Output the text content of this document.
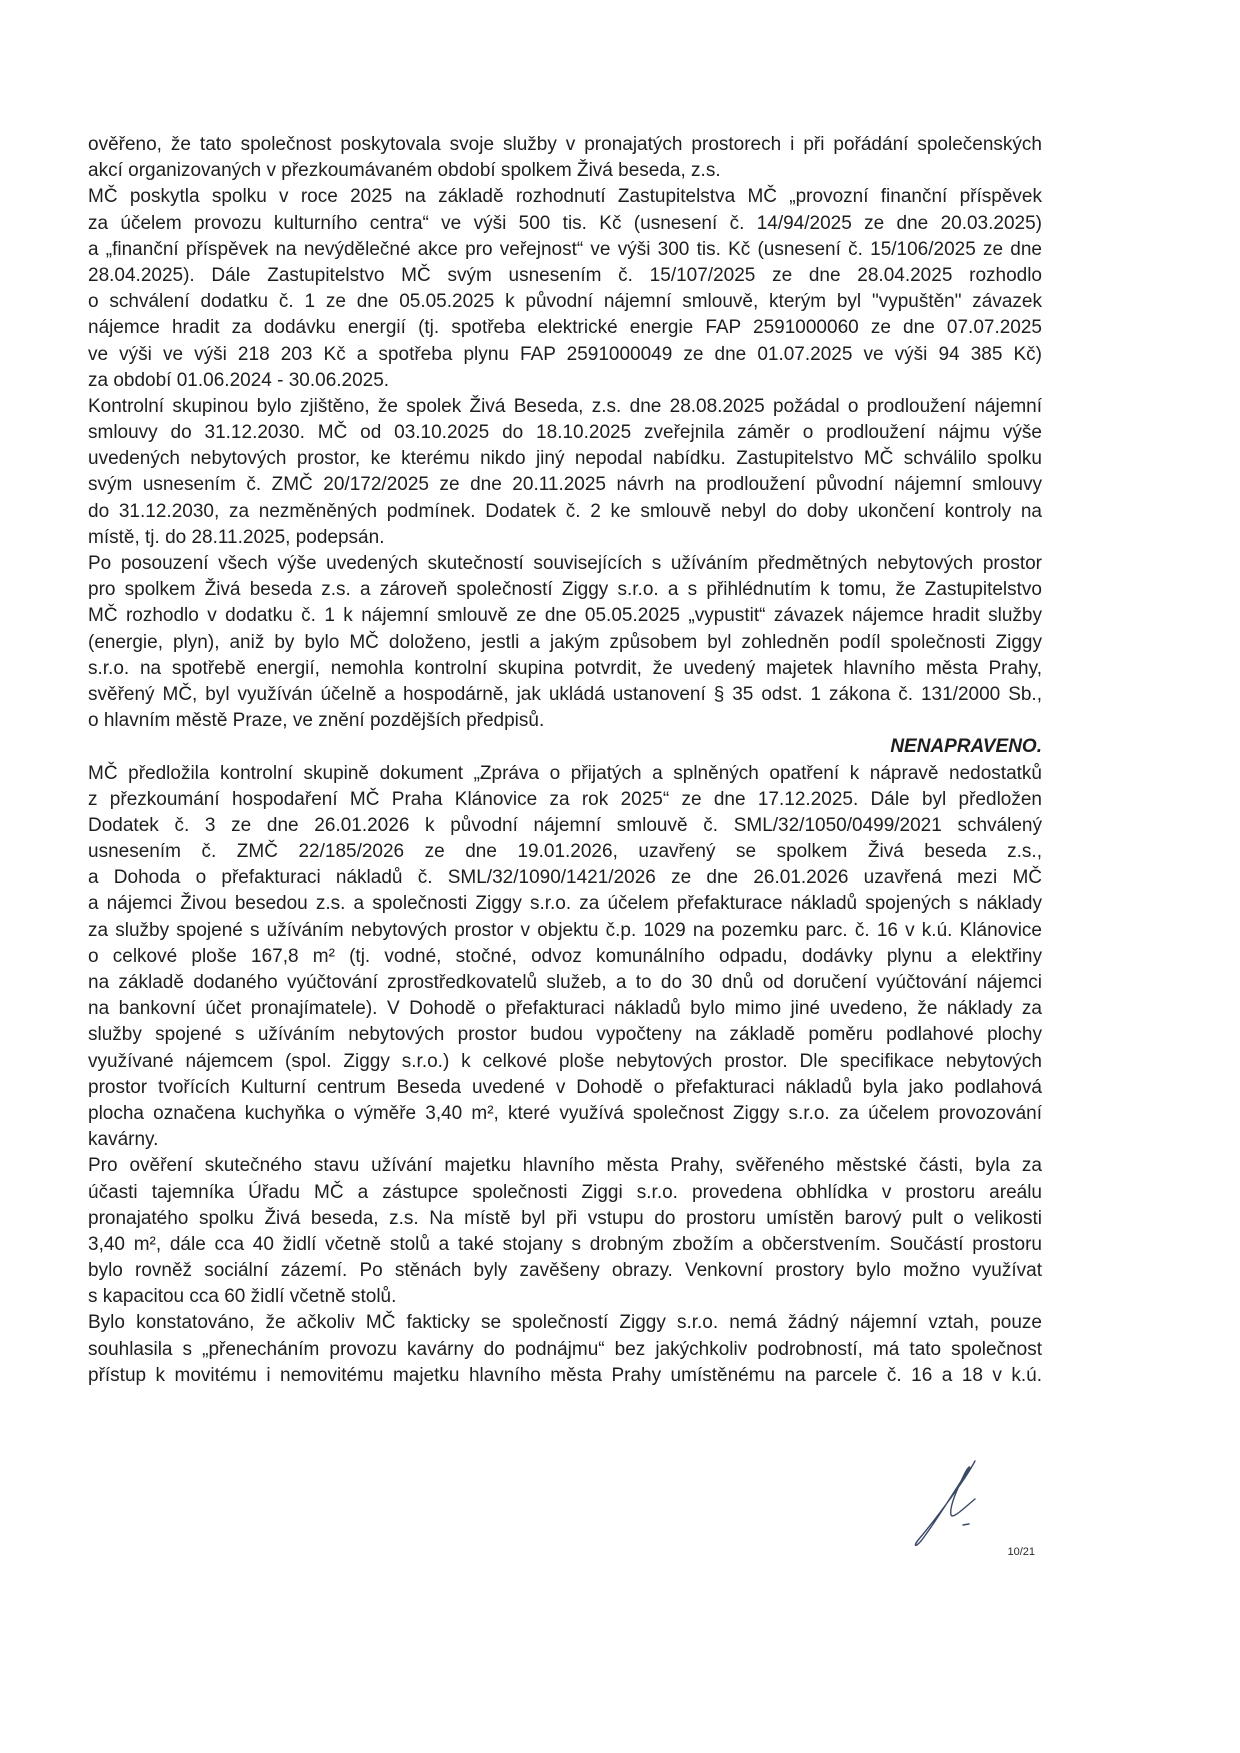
ověřeno, že tato společnost poskytovala svoje služby v pronajatých prostorech i při pořádání společenských
akcí organizovaných v přezkoumávaném období spolkem Živá beseda, z.s.
MČ poskytla spolku v roce 2025 na základě rozhodnutí Zastupitelstva MČ „provozní finanční příspěvek
za účelem provozu kulturního centra“ ve výši 500 tis. Kč (usnesení č. 14/94/2025 ze dne 20.03.2025)
a „finanční příspěvek na nevýdělečné akce pro veřejnost“ ve výši 300 tis. Kč (usnesení č. 15/106/2025 ze dne
28.04.2025). Dále Zastupitelstvo MČ svým usnesením č. 15/107/2025 ze dne 28.04.2025 rozhodlo
o schválení dodatku č. 1 ze dne 05.05.2025 k původní nájemní smlouvě, kterým byl "vypuštěn" závazek
nájemce hradit za dodávku energií (tj. spotřeba elektrické energie FAP 2591000060 ze dne 07.07.2025
ve výši ve výši 218 203 Kč a spotřeba plynu FAP 2591000049 ze dne 01.07.2025 ve výši 94 385 Kč)
za období 01.06.2024 - 30.06.2025.
Kontrolní skupinou bylo zjištěno, že spolek Živá Beseda, z.s. dne 28.08.2025 požádal o prodloužení nájemní
smlouvy do 31.12.2030. MČ od 03.10.2025 do 18.10.2025 zveřejnila záměr o prodloužení nájmu výše
uvedených nebytových prostor, ke kterému nikdo jiný nepodal nabídku. Zastupitelstvo MČ schválilo spolku
svým usnesením č. ZMČ 20/172/2025 ze dne 20.11.2025 návrh na prodloužení původní nájemní smlouvy
do 31.12.2030, za nezměněných podmínek. Dodatek č. 2 ke smlouvě nebyl do doby ukončení kontroly na
místě, tj. do 28.11.2025, podepsán.
Po posouzení všech výše uvedených skutečností souvisejících s užíváním předmětných nebytových prostor
pro spolkem Živá beseda z.s. a zároveň společností Ziggy s.r.o. a s přihlédnutím k tomu, že Zastupitelstvo
MČ rozhodlo v dodatku č. 1 k nájemní smlouvě ze dne 05.05.2025 „vypustit“ závazek nájemce hradit služby
(energie, plyn), aniž by bylo MČ doloženo, jestli a jakým způsobem byl zohledněn podíl společnosti Ziggy
s.r.o. na spotřebě energií, nemohla kontrolní skupina potvrdit, že uvedený majetek hlavního města Prahy,
svěřený MČ, byl využíván účelně a hospodárně, jak ukládá ustanovení § 35 odst. 1 zákona č. 131/2000 Sb.,
o hlavním městě Praze, ve znění pozdějších předpisů.
NENAPRAVENO.
MČ předložila kontrolní skupině dokument „Zpráva o přijatých a splněných opatření k nápravě nedostatků
z přezkoumání hospodaření MČ Praha Klánovice za rok 2025“ ze dne 17.12.2025. Dále byl předložen
Dodatek č. 3 ze dne 26.01.2026 k původní nájemní smlouvě č. SML/32/1050/0499/2021 schválený
usnesením č. ZMČ 22/185/2026 ze dne 19.01.2026, uzavřený se spolkem Živá beseda z.s.,
a Dohoda o přefakturaci nákladů č. SML/32/1090/1421/2026 ze dne 26.01.2026 uzavřená mezi MČ
a nájemci Živou besedou z.s. a společnosti Ziggy s.r.o. za účelem přefakturace nákladů spojených s náklady
za služby spojené s užíváním nebytových prostor v objektu č.p. 1029 na pozemku parc. č. 16 v k.ú. Klánovice
o celkové ploše 167,8 m² (tj. vodné, stočné, odvoz komunálního odpadu, dodávky plynu a elektřiny
na základě dodaného vyúčtování zprostředkovatelů služeb, a to do 30 dnů od doručení vyúčtování nájemci
na bankovní účet pronajímatele). V Dohodě o přefakturaci nákladů bylo mimo jiné uvedeno, že náklady za
služby spojené s užíváním nebytových prostor budou vypočteny na základě poměru podlahové plochy
využívané nájemcem (spol. Ziggy s.r.o.) k celkové ploše nebytových prostor. Dle specifikace nebytových
prostor tvořících Kulturní centrum Beseda uvedené v Dohodě o přefakturaci nákladů byla jako podlahová
plocha označena kuchyňka o výměře 3,40 m², které využívá společnost Ziggy s.r.o. za účelem provozování
kavárny.
Pro ověření skutečného stavu užívání majetku hlavního města Prahy, svěřeného městské části, byla za
účasti tajemníka Úřadu MČ a zástupce společnosti Ziggi s.r.o. provedena obhlídka v prostoru areálu
pronajatého spolku Živá beseda, z.s. Na místě byl při vstupu do prostoru umístěn barový pult o velikosti
3,40 m², dále cca 40 židlí včetně stolů a také stojany s drobným zbožím a občerstvením. Součástí prostoru
bylo rovněž sociální zázemí. Po stěnách byly zavěšeny obrazy. Venkovní prostory bylo možno využívat
s kapacitou cca 60 židlí včetně stolů.
Bylo konstatováno, že ačkoliv MČ fakticky se společností Ziggy s.r.o. nemá žádný nájemní vztah, pouze
souhlasila s „přenecháním provozu kavárny do podnájmu“ bez jakýchkoliv podrobností, má tato společnost
přístup k movitému i nemovitému majetku hlavního města Prahy umístěnému na parcele č. 16 a 18 v k.ú.
10/21
